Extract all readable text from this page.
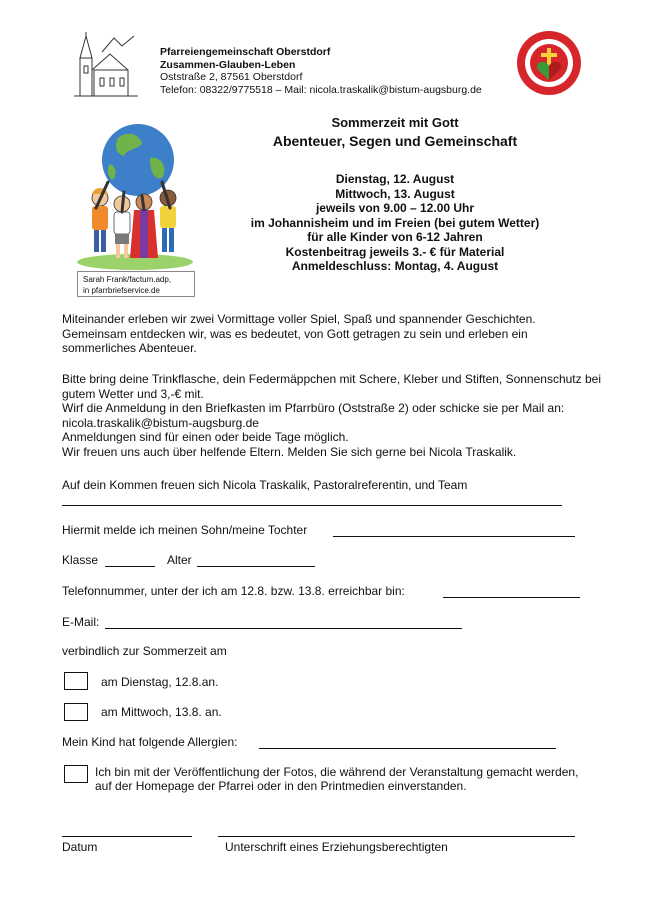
Pfarreiengemeinschaft Oberstdorf
Zusammen-Glauben-Leben
Oststraße 2, 87561 Oberstdorf
Telefon: 08322/9775518 – Mail: nicola.traskalik@bistum-augsburg.de
Sarah Frank/factum.adp,
in pfarrbriefservice.de
Sommerzeit mit Gott
Abenteuer, Segen und Gemeinschaft
Dienstag, 12. August
Mittwoch, 13. August
jeweils von 9.00 – 12.00 Uhr
im Johannisheim und im Freien (bei gutem Wetter)
für alle Kinder von 6-12 Jahren
Kostenbeitrag jeweils 3.- € für Material
Anmeldeschluss: Montag, 4. August
Miteinander erleben wir zwei Vormittage voller Spiel, Spaß und spannender Geschichten. Gemeinsam entdecken wir, was es bedeutet, von Gott getragen zu sein und erleben ein sommerliches Abenteuer.
Bitte bring deine Trinkflasche, dein Federmäppchen mit Schere, Kleber und Stiften, Sonnenschutz bei gutem Wetter und 3,-€ mit.
Wirf die Anmeldung in den Briefkasten im Pfarrbüro (Oststraße 2) oder schicke sie per Mail an: nicola.traskalik@bistum-augsburg.de
Anmeldungen sind für einen oder beide Tage möglich.
Wir freuen uns auch über helfende Eltern. Melden Sie sich gerne bei Nicola Traskalik.
Auf dein Kommen freuen sich Nicola Traskalik, Pastoralreferentin, und Team
Hiermit melde ich meinen Sohn/meine Tochter
Klasse	Alter
Telefonnummer, unter der ich am 12.8. bzw. 13.8. erreichbar bin:
E-Mail:
verbindlich zur Sommerzeit am
am Dienstag, 12.8.an.
am Mittwoch, 13.8. an.
Mein Kind hat folgende Allergien:
Ich bin mit der Veröffentlichung der Fotos, die während der Veranstaltung gemacht werden, auf der Homepage der Pfarrei oder in den Printmedien einverstanden.
Datum	Unterschrift eines Erziehungsberechtigten
